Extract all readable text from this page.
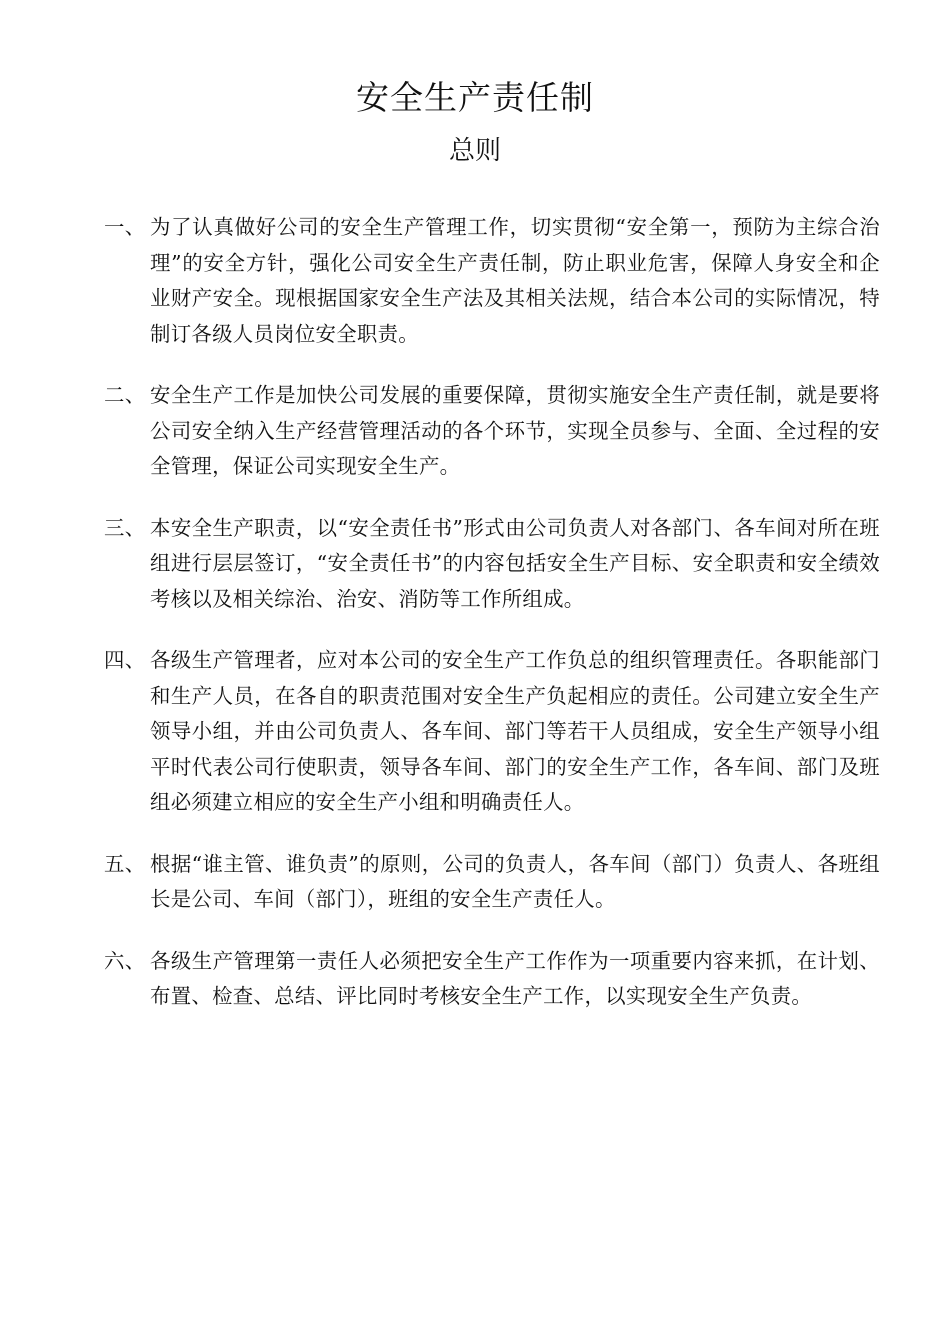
安全生产责任制
总则
一、 为了认真做好公司的安全生产管理工作，切实贯彻“安全第一，预防为主综合治理”的安全方针，强化公司安全生产责任制，防止职业危害，保障人身安全和企业财产安全。现根据国家安全生产法及其相关法规，结合本公司的实际情况，特制订各级人员岗位安全职责。
二、 安全生产工作是加快公司发展的重要保障，贯彻实施安全生产责任制，就是要将公司安全纳入生产经营管理活动的各个环节，实现全员参与、全面、全过程的安全管理，保证公司实现安全生产。
三、 本安全生产职责，以“安全责任书”形式由公司负责人对各部门、各车间对所在班组进行层层签订，“安全责任书”的内容包括安全生产目标、安全职责和安全绩效考核以及相关综治、治安、消防等工作所组成。
四、 各级生产管理者，应对本公司的安全生产工作负总的组织管理责任。各职能部门和生产人员，在各自的职责范围对安全生产负起相应的责任。公司建立安全生产领导小组，并由公司负责人、各车间、部门等若干人员组成，安全生产领导小组平时代表公司行使职责，领导各车间、部门的安全生产工作，各车间、部门及班组必须建立相应的安全生产小组和明确责任人。
五、 根据“谁主管、谁负责”的原则，公司的负责人，各车间（部门）负责人、各班组长是公司、车间（部门），班组的安全生产责任人。
六、 各级生产管理第一责任人必须把安全生产工作作为一项重要内容来抓，在计划、布置、检查、总结、评比同时考核安全生产工作，以实现安全生产负责。
